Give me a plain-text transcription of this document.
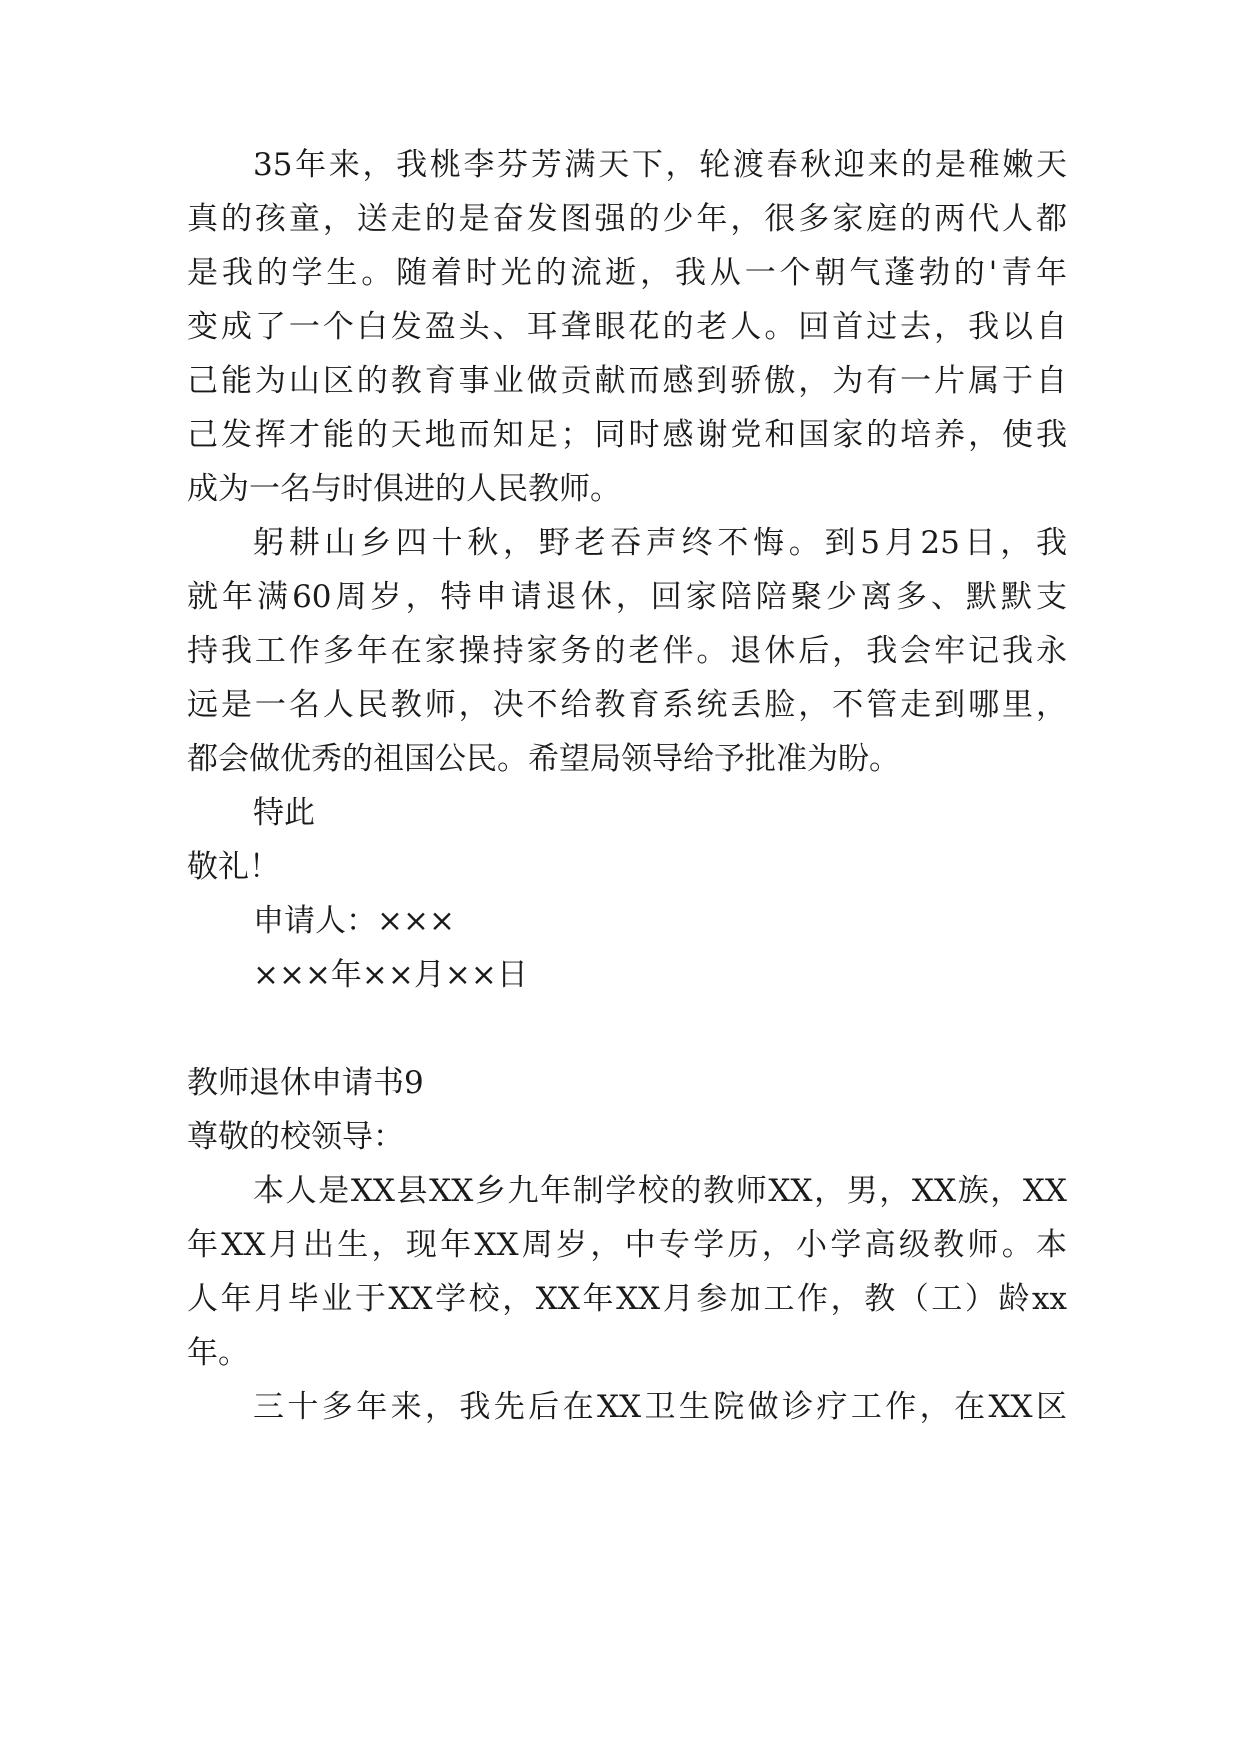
35年来，我桃李芬芳满天下，轮渡春秋迎来的是稚嫩天
真的孩童，送走的是奋发图强的少年，很多家庭的两代人都
是我的学生。随着时光的流逝，我从一个朝气蓬勃的'青年
变成了一个白发盈头、耳聋眼花的老人。回首过去，我以自
己能为山区的教育事业做贡献而感到骄傲，为有一片属于自
己发挥才能的天地而知足；同时感谢党和国家的培养，使我
成为一名与时俱进的人民教师。
躬耕山乡四十秋，野老吞声终不悔。到5月25日，我
就年满60周岁，特申请退休，回家陪陪聚少离多、默默支
持我工作多年在家操持家务的老伴。退休后，我会牢记我永
远是一名人民教师，决不给教育系统丢脸，不管走到哪里，
都会做优秀的祖国公民。希望局领导给予批准为盼。
特此
敬礼！
申请人：×××
×××年××月××日
教师退休申请书9
尊敬的校领导：
本人是XX县XX乡九年制学校的教师XX，男，XX族，XX
年XX月出生，现年XX周岁，中专学历，小学高级教师。本
人年月毕业于XX学校，XX年XX月参加工作，教（工）龄xx
年。
三十多年来，我先后在XX卫生院做诊疗工作，在XX区
